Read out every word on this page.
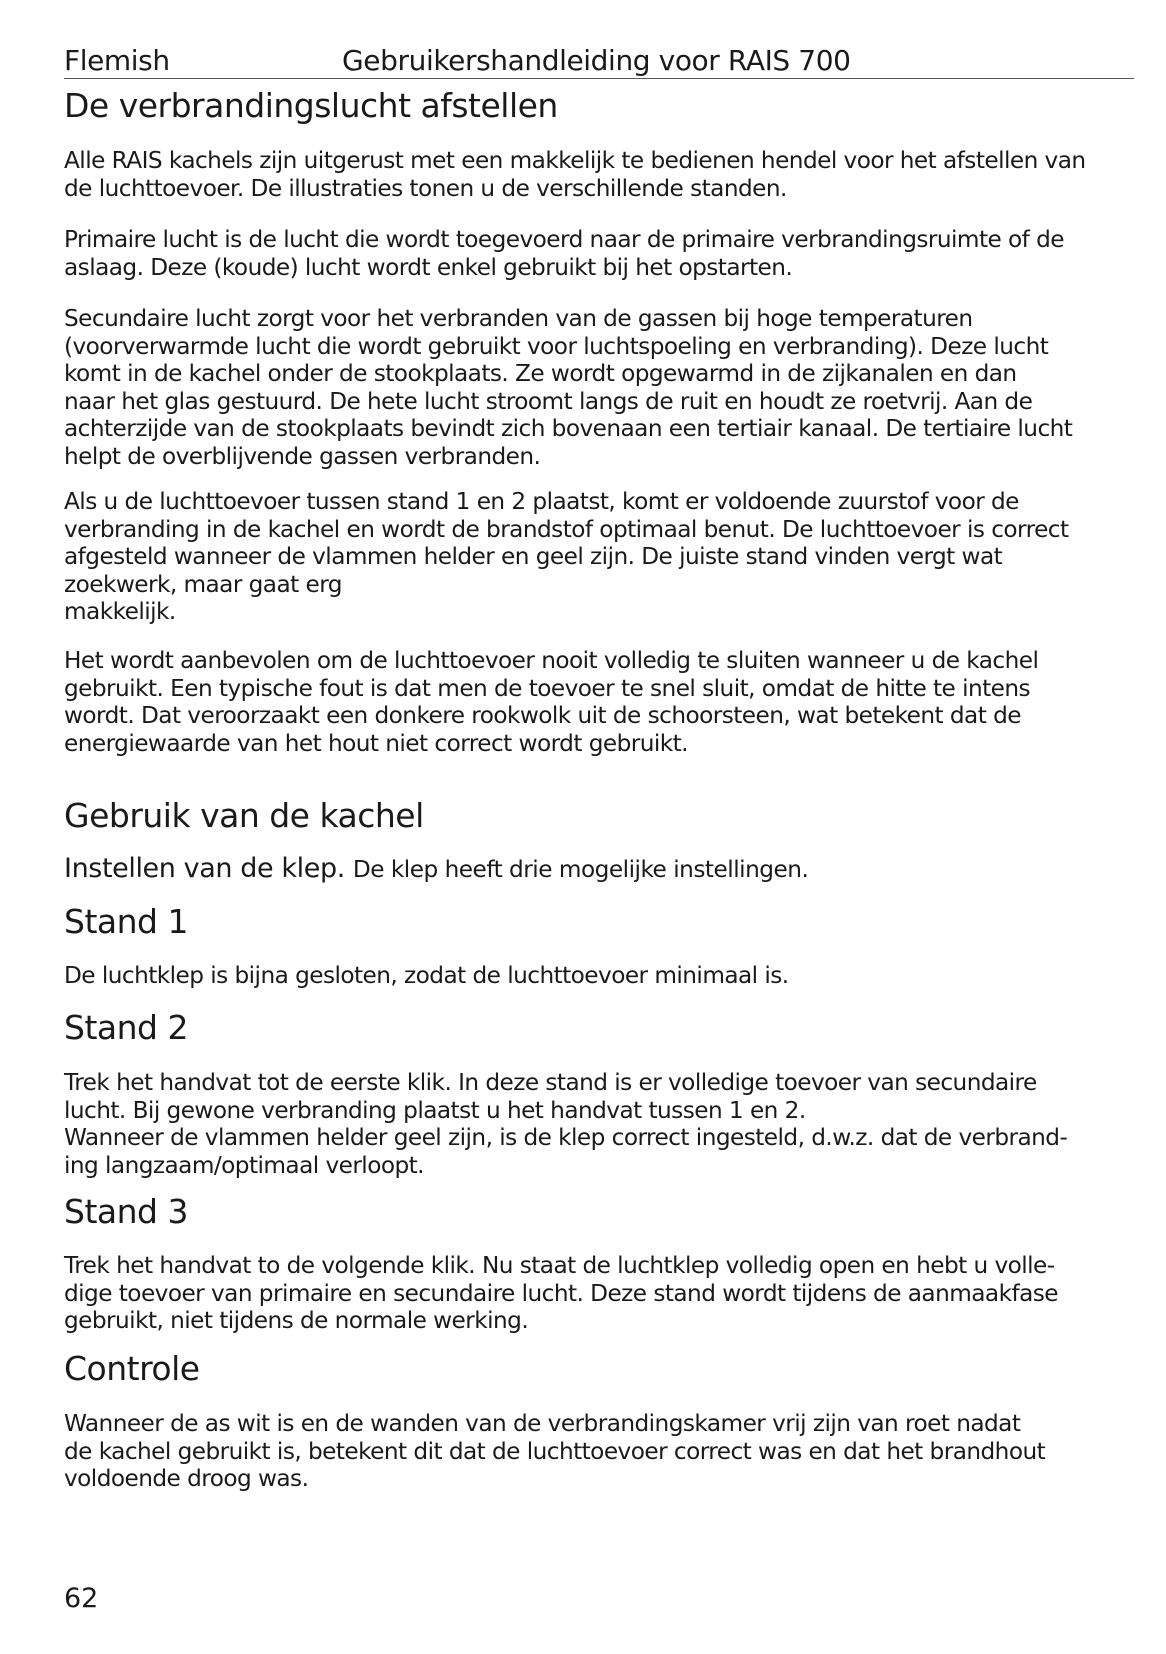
Flemish	Gebruikershandleiding voor RAIS 700
De verbrandingslucht afstellen
Alle RAIS kachels zijn uitgerust met een makkelijk te bedienen hendel voor het afstellen van
de luchttoevoer. De illustraties tonen u de verschillende standen.
Primaire lucht is de lucht die wordt toegevoerd naar de primaire verbrandingsruimte of de
aslaag. Deze (koude) lucht wordt enkel gebruikt bij het opstarten.
Secundaire lucht zorgt voor het verbranden van de gassen bij hoge temperaturen
(voorverwarmde lucht die wordt gebruikt voor luchtspoeling en verbranding). Deze lucht
komt in de kachel onder de stookplaats. Ze wordt opgewarmd in de zijkanalen en dan
naar het glas gestuurd. De hete lucht stroomt langs de ruit en houdt ze roetvrij. Aan de
achterzijde van de stookplaats bevindt zich bovenaan een tertiair kanaal. De tertiaire lucht
helpt de overblijvende gassen verbranden.
Als u de luchttoevoer tussen stand 1 en 2 plaatst, komt er voldoende zuurstof voor de
verbranding in de kachel en wordt de brandstof optimaal benut. De luchttoevoer is correct
afgesteld wanneer de vlammen helder en geel zijn. De juiste stand vinden vergt wat
zoekwerk, maar gaat erg
makkelijk.
Het wordt aanbevolen om de luchttoevoer nooit volledig te sluiten wanneer u de kachel
gebruikt. Een typische fout is dat men de toevoer te snel sluit, omdat de hitte te intens
wordt. Dat veroorzaakt een donkere rookwolk uit de schoorsteen, wat betekent dat de
energiewaarde van het hout niet correct wordt gebruikt.
Gebruik van de kachel
Instellen van de klep. De klep heeft drie mogelijke instellingen.
Stand 1
De luchtklep is bijna gesloten, zodat de luchttoevoer minimaal is.
Stand 2
Trek het handvat tot de eerste klik. In deze stand is er volledige toevoer van secundaire
lucht. Bij gewone verbranding plaatst u het handvat tussen 1 en 2.
Wanneer de vlammen helder geel zijn, is de klep correct ingesteld, d.w.z. dat de verbrand-
ing langzaam/optimaal verloopt.
Stand 3
Trek het handvat to de volgende klik. Nu staat de luchtklep volledig open en hebt u volle-
dige toevoer van primaire en secundaire lucht. Deze stand wordt tijdens de aanmaakfase
gebruikt, niet tijdens de normale werking.
Controle
Wanneer de as wit is en de wanden van de verbrandingskamer vrij zijn van roet nadat
de kachel gebruikt is, betekent dit dat de luchttoevoer correct was en dat het brandhout
voldoende droog was.
62
